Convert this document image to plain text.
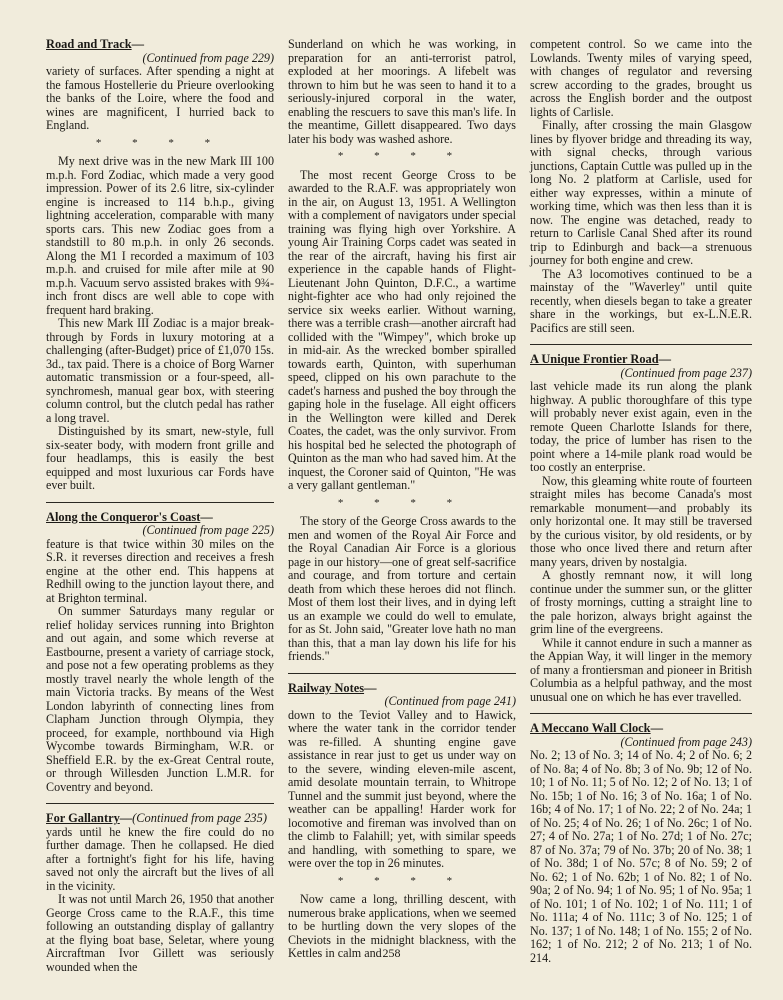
Road and Track—
(Continued from page 229)

variety of surfaces. After spending a night at the famous Hostellerie du Prieure overlooking the banks of the Loire, where the food and wines are magnificent, I hurried back to England.

* * * *

My next drive was in the new Mark III 100 m.p.h. Ford Zodiac, which made a very good impression. Power of its 2.6 litre, six-cylinder engine is increased to 114 b.h.p., giving lightning acceleration, comparable with many sports cars. This new Zodiac goes from a standstill to 80 m.p.h. in only 26 seconds. Along the M1 I recorded a maximum of 103 m.p.h. and cruised for mile after mile at 90 m.p.h. Vacuum servo assisted brakes with 9¾-inch front discs are well able to cope with frequent hard braking.

This new Mark III Zodiac is a major break-through by Fords in luxury motoring at a challenging (after-Budget) price of £1,070 15s. 3d., tax paid. There is a choice of Borg Warner automatic transmission or a four-speed, all-synchromesh, manual gear box, with steering column control, but the clutch pedal has rather a long travel.

Distinguished by its smart, new-style, full six-seater body, with modern front grille and four headlamps, this is easily the best equipped and most luxurious car Fords have ever built.

Along the Conqueror's Coast—
(Continued from page 225)

feature is that twice within 30 miles on the S.R. it reverses direction and receives a fresh engine at the other end. This happens at Redhill owing to the junction layout there, and at Brighton terminal.

On summer Saturdays many regular or relief holiday services running into Brighton and out again, and some which reverse at Eastbourne, present a variety of carriage stock, and pose not a few operating problems as they mostly travel nearly the whole length of the main Victoria tracks. By means of the West London labyrinth of connecting lines from Clapham Junction through Olympia, they proceed, for example, northbound via High Wycombe towards Birmingham, W.R. or Sheffield E.R. by the ex-Great Central route, or through Willesden Junction L.M.R. for Coventry and beyond.

For Gallantry—(Continued from page 235)

yards until he knew the fire could do no further damage. Then he collapsed. He died after a fortnight's fight for his life, having saved not only the aircraft but the lives of all in the vicinity.

It was not until March 26, 1950 that another George Cross came to the R.A.F., this time following an outstanding display of gallantry at the flying boat base, Seletar, where young Aircraftman Ivor Gillett was seriously wounded when the

Sunderland on which he was working, in preparation for an anti-terrorist patrol, exploded at her moorings. A lifebelt was thrown to him but he was seen to hand it to a seriously-injured corporal in the water, enabling the rescuers to save this man's life. In the meantime, Gillett disappeared. Two days later his body was washed ashore.

* * * *

The most recent George Cross to be awarded to the R.A.F. was appropriately won in the air, on August 13, 1951. A Wellington with a complement of navigators under special training was flying high over Yorkshire. A young Air Training Corps cadet was seated in the rear of the aircraft, having his first air experience in the capable hands of Flight-Lieutenant John Quinton, D.F.C., a wartime night-fighter ace who had only rejoined the service six weeks earlier. Without warning, there was a terrible crash—another aircraft had collided with the "Wimpey", which broke up in mid-air. As the wrecked bomber spiralled towards earth, Quinton, with superhuman speed, clipped on his own parachute to the cadet's harness and pushed the boy through the gaping hole in the fuselage. All eight officers in the Wellington were killed and Derek Coates, the cadet, was the only survivor. From his hospital bed he selected the photograph of Quinton as the man who had saved him. At the inquest, the Coroner said of Quinton, "He was a very gallant gentleman."

* * * *

The story of the George Cross awards to the men and women of the Royal Air Force and the Royal Canadian Air Force is a glorious page in our history—one of great self-sacrifice and courage, and from torture and certain death from which these heroes did not flinch. Most of them lost their lives, and in dying left us an example we could do well to emulate, for as St. John said, "Greater love hath no man than this, that a man lay down his life for his friends."

Railway Notes—
(Continued from page 241)

down to the Teviot Valley and to Hawick, where the water tank in the corridor tender was re-filled. A shunting engine gave assistance in rear just to get us under way on to the severe, winding eleven-mile ascent, amid desolate mountain terrain, to Whitrope Tunnel and the summit just beyond, where the weather can be appalling! Harder work for locomotive and fireman was involved than on the climb to Falahill; yet, with similar speeds and handling, with something to spare, we were over the top in 26 minutes.

* * * *

Now came a long, thrilling descent, with numerous brake applications, when we seemed to be hurtling down the very slopes of the Cheviots in the midnight blackness, with the Kettles in calm and

competent control. So we came into the Lowlands. Twenty miles of varying speed, with changes of regulator and reversing screw according to the grades, brought us across the English border and the outpost lights of Carlisle.

Finally, after crossing the main Glasgow lines by flyover bridge and threading its way, with signal checks, through various junctions, Captain Cuttle was pulled up in the long No. 2 platform at Carlisle, used for either way expresses, within a minute of working time, which was then less than it is now. The engine was detached, ready to return to Carlisle Canal Shed after its round trip to Edinburgh and back—a strenuous journey for both engine and crew.

The A3 locomotives continued to be a mainstay of the "Waverley" until quite recently, when diesels began to take a greater share in the workings, but ex-L.N.E.R. Pacifics are still seen.

A Unique Frontier Road—
(Continued from page 237)

last vehicle made its run along the plank highway. A public thoroughfare of this type will probably never exist again, even in the remote Queen Charlotte Islands for there, today, the price of lumber has risen to the point where a 14-mile plank road would be too costly an enterprise.

Now, this gleaming white route of fourteen straight miles has become Canada's most remarkable monument—and probably its only horizontal one. It may still be traversed by the curious visitor, by old residents, or by those who once lived there and return after many years, driven by nostalgia.

A ghostly remnant now, it will long continue under the summer sun, or the glitter of frosty mornings, cutting a straight line to the pale horizon, always bright against the grim line of the evergreens.

While it cannot endure in such a manner as the Appian Way, it will linger in the memory of many a frontiersman and pioneer in British Columbia as a helpful pathway, and the most unusual one on which he has ever travelled.

A Meccano Wall Clock—
(Continued from page 243)

No. 2; 13 of No. 3; 14 of No. 4; 2 of No. 6; 2 of No. 8a; 4 of No. 8b; 3 of No. 9b; 12 of No. 10; 1 of No. 11; 5 of No. 12; 2 of No. 13; 1 of No. 15b; 1 of No. 16; 3 of No. 16a; 1 of No. 16b; 4 of No. 17; 1 of No. 22; 2 of No. 24a; 1 of No. 25; 4 of No. 26; 1 of No. 26c; 1 of No. 27; 4 of No. 27a; 1 of No. 27d; 1 of No. 27c; 87 of No. 37a; 79 of No. 37b; 20 of No. 38; 1 of No. 38d; 1 of No. 57c; 8 of No. 59; 2 of No. 62; 1 of No. 62b; 1 of No. 82; 1 of No. 90a; 2 of No. 94; 1 of No. 95; 1 of No. 95a; 1 of No. 101; 1 of No. 102; 1 of No. 111; 1 of No. 111a; 4 of No. 111c; 3 of No. 125; 1 of No. 137; 1 of No. 148; 1 of No. 155; 2 of No. 162; 1 of No. 212; 2 of No. 213; 1 of No. 214.

258
